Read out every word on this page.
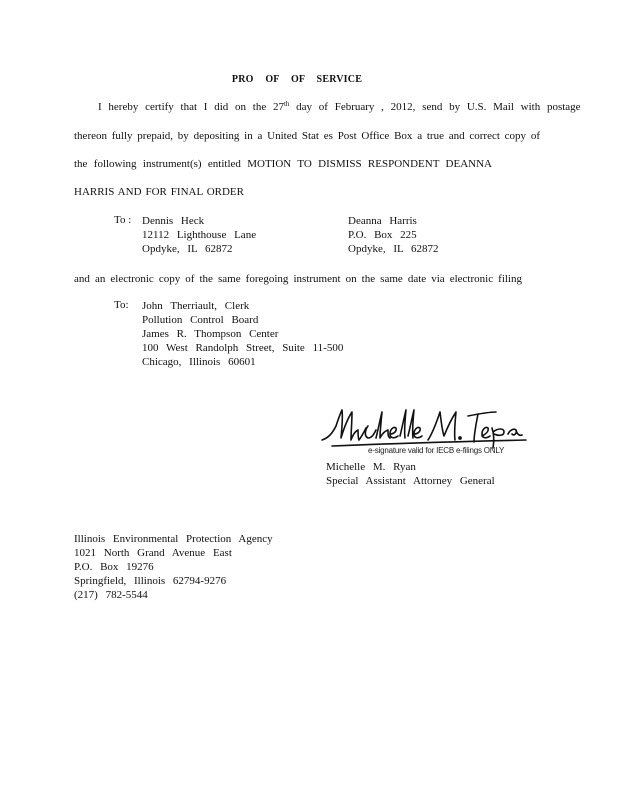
PRO OF OF SERVICE
I hereby certify that I did on the 27th day of February , 2012, send by U.S. Mail with postage
thereon fully prepaid, by depositing in a United Stat es Post Office Box a true and correct copy of
the following instrument(s) entitled MOTION TO DISMISS RESPONDENT DEANNA
HARRIS AND FOR FINAL ORDER
To : Dennis Heck
12112 Lighthouse Lane
Opdyke, IL 62872
Deanna Harris
P.O. Box 225
Opdyke, IL 62872
and an electronic copy of the same foregoing instrument on the same date via electronic filing
To: John Therriault, Clerk
Pollution Control Board
James R. Thompson Center
100 West Randolph Street, Suite 11-500
Chicago, Illinois 60601
e-signature valid for IECB e-filings ONLY
Michelle M. Ryan
Special Assistant Attorney General
Illinois Environmental Protection Agency
1021 North Grand Avenue East
P.O. Box 19276
Springfield, Illinois 62794-9276
(217) 782-5544
